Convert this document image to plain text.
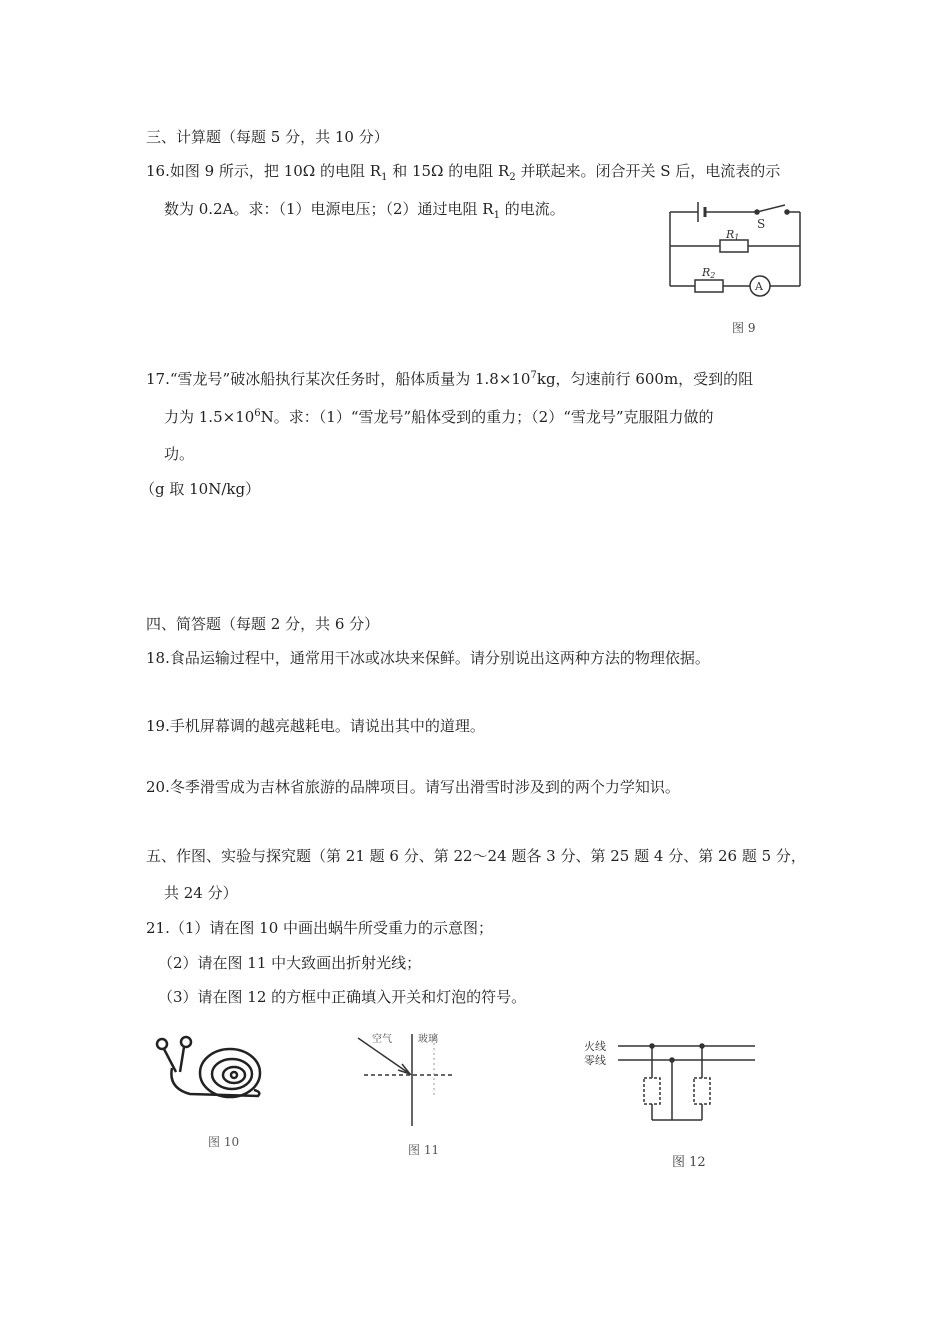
三、计算题（每题 5 分，共 10 分）
16.如图 9 所示，把 10Ω 的电阻 $R_1$ 和 15Ω 的电阻 $R_2$ 并联起来。闭合开关 S 后，电流表的示
数为 0.2A。求：（1）电源电压；（2）通过电阻 $R_1$ 的电流。
S
R1
R2
A
图 9
17.“雪龙号”破冰船执行某次任务时，船体质量为 $1.8\times 10^7kg$，匀速前行 600m，受到的阻
力为 $1.5\times 10^6N$。求：（1）“雪龙号”船体受到的重力；（2）“雪龙号”克服阻力做的
功。
（g 取 10N/kg）
四、简答题（每题 2 分，共 6 分）
18.食品运输过程中，通常用干冰或冰块来保鲜。请分别说出这两种方法的物理依据。
19.手机屏幕调的越亮越耗电。请说出其中的道理。
20.冬季滑雪成为吉林省旅游的品牌项目。请写出滑雪时涉及到的两个力学知识。
五、作图、实验与探究题（第 21 题 6 分、第 22～24 题各 3 分、第 25 题 4 分、第 26 题 5 分，
共 24 分）
21.（1）请在图 10 中画出蜗牛所受重力的示意图；
（2）请在图 11 中大致画出折射光线；
（3）请在图 12 的方框中正确填入开关和灯泡的符号。
图 10
空气	玻璃
图 11
火线
零线
图 12
